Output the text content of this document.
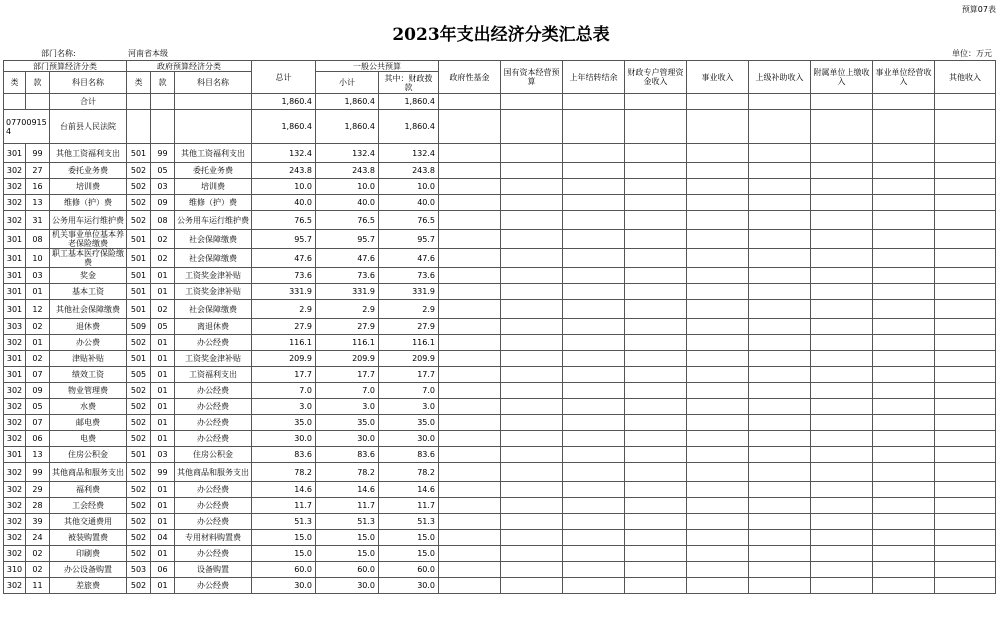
预算07表
2023年支出经济分类汇总表
部门名称:	河南省本级	单位：万元
部门预算经济分类			政府预算经济分类			总计	一般公共预算		政府性基金	国有资本经营预算	上年结转结余	财政专户管理资金收入	事业收入	上级补助收入	附属单位上缴收入	事业单位经营收入	其他收入
类	款	科目名称	类	款	科目名称		小计	其中：财政拨款									
		合计				1,860.4	1,860.4	1,860.4									
07700915 4		台前县人民法院				1,860.4	1,860.4	1,860.4									
301	99	其他工资福利支出	501	99	其他工资福利支出	132.4	132.4	132.4									
302	27	委托业务费	502	05	委托业务费	243.8	243.8	243.8									
302	16	培训费	502	03	培训费	10.0	10.0	10.0									
302	13	维修（护）费	502	09	维修（护）费	40.0	40.0	40.0									
302	31	公务用车运行维护费	502	08	公务用车运行维护费	76.5	76.5	76.5									
301	08	机关事业单位基本养老保险缴费	501	02	社会保障缴费	95.7	95.7	95.7									
301	10	职工基本医疗保险缴费	501	02	社会保障缴费	47.6	47.6	47.6									
301	03	奖金	501	01	工资奖金津补贴	73.6	73.6	73.6									
301	01	基本工资	501	01	工资奖金津补贴	331.9	331.9	331.9									
301	12	其他社会保障缴费	501	02	社会保障缴费	2.9	2.9	2.9									
303	02	退休费	509	05	离退休费	27.9	27.9	27.9									
302	01	办公费	502	01	办公经费	116.1	116.1	116.1									
301	02	津贴补贴	501	01	工资奖金津补贴	209.9	209.9	209.9									
301	07	绩效工资	505	01	工资福利支出	17.7	17.7	17.7									
302	09	物业管理费	502	01	办公经费	7.0	7.0	7.0									
302	05	水费	502	01	办公经费	3.0	3.0	3.0									
302	07	邮电费	502	01	办公经费	35.0	35.0	35.0									
302	06	电费	502	01	办公经费	30.0	30.0	30.0									
301	13	住房公积金	501	03	住房公积金	83.6	83.6	83.6									
302	99	其他商品和服务支出	502	99	其他商品和服务支出	78.2	78.2	78.2									
302	29	福利费	502	01	办公经费	14.6	14.6	14.6									
302	28	工会经费	502	01	办公经费	11.7	11.7	11.7									
302	39	其他交通费用	502	01	办公经费	51.3	51.3	51.3									
302	24	被装购置费	502	04	专用材料购置费	15.0	15.0	15.0									
302	02	印刷费	502	01	办公经费	15.0	15.0	15.0									
310	02	办公设备购置	503	06	设备购置	60.0	60.0	60.0									
302	11	差旅费	502	01	办公经费	30.0	30.0	30.0									
